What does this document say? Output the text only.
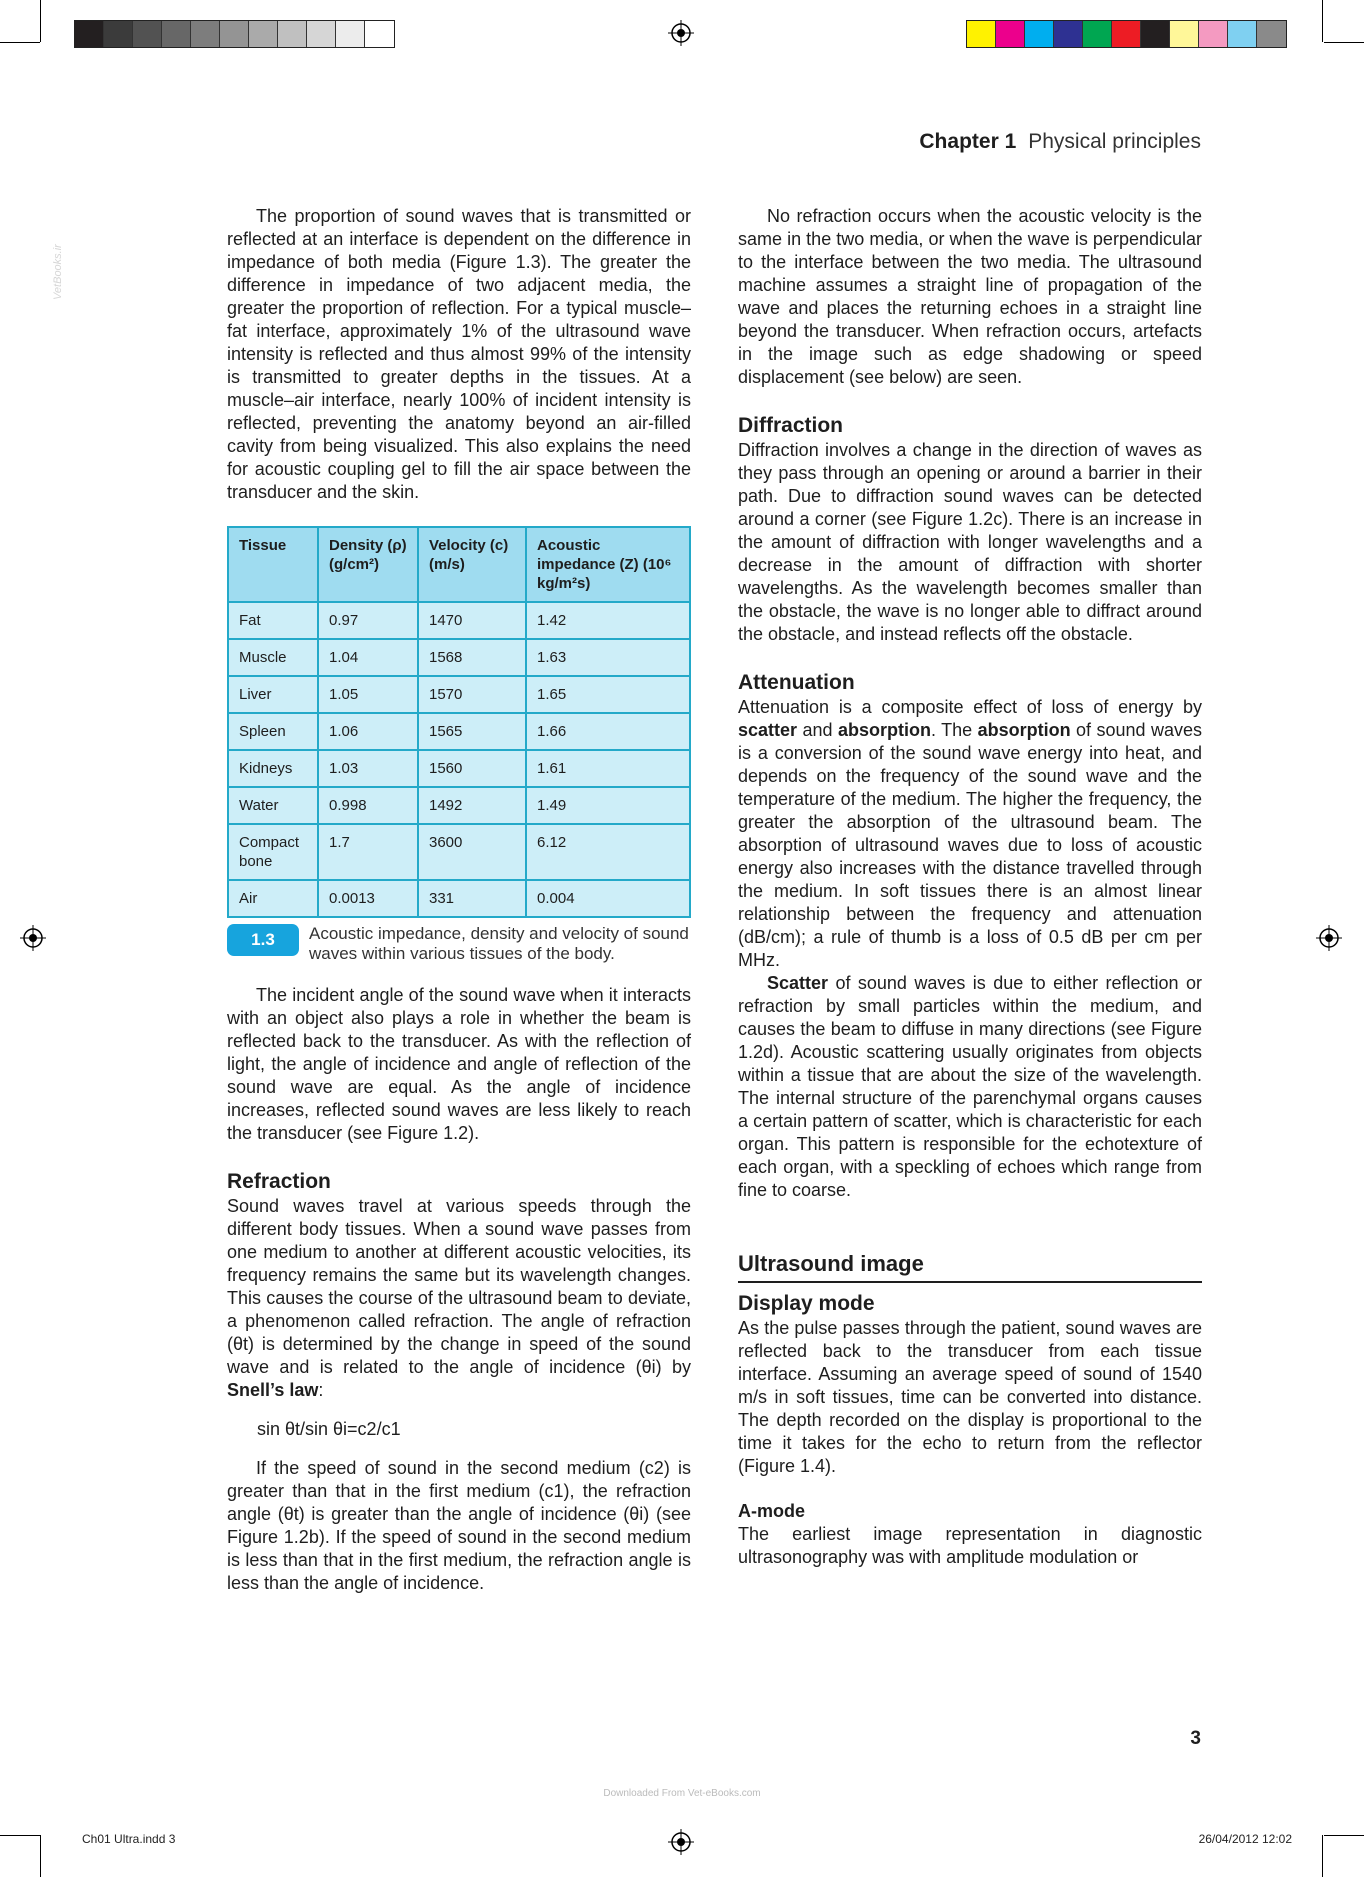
VetBooks.ir
Chapter 1 Physical principles

The proportion of sound waves that is transmitted or reflected at an interface is dependent on the difference in impedance of both media (Figure 1.3). The greater the difference in impedance of two adjacent media, the greater the proportion of reflection. For a typical muscle–fat interface, approximately 1% of the ultrasound wave intensity is reflected and thus almost 99% of the intensity is transmitted to greater depths in the tissues. At a muscle–air interface, nearly 100% of incident intensity is reflected, preventing the anatomy beyond an air-filled cavity from being visualized. This also explains the need for acoustic coupling gel to fill the air space between the transducer and the skin.

Tissue	Density (ρ) (g/cm²)	Velocity (c) (m/s)	Acoustic impedance (Z) (10⁶ kg/m²s)
Fat	0.97	1470	1.42
Muscle	1.04	1568	1.63
Liver	1.05	1570	1.65
Spleen	1.06	1565	1.66
Kidneys	1.03	1560	1.61
Water	0.998	1492	1.49
Compact bone	1.7	3600	6.12
Air	0.0013	331	0.004
1.3	Acoustic impedance, density and velocity of sound waves within various tissues of the body.

The incident angle of the sound wave when it interacts with an object also plays a role in whether the beam is reflected back to the transducer. As with the reflection of light, the angle of incidence and angle of reflection of the sound wave are equal. As the angle of incidence increases, reflected sound waves are less likely to reach the transducer (see Figure 1.2).

Refraction

Sound waves travel at various speeds through the different body tissues. When a sound wave passes from one medium to another at different acoustic velocities, its frequency remains the same but its wavelength changes. This causes the course of the ultrasound beam to deviate, a phenomenon called refraction. The angle of refraction (θt) is determined by the change in speed of the sound wave and is related to the angle of incidence (θi) by Snell’s law:

sin θt/sin θi=c2/c1

If the speed of sound in the second medium (c2) is greater than that in the first medium (c1), the refraction angle (θt) is greater than the angle of incidence (θi) (see Figure 1.2b). If the speed of sound in the second medium is less than that in the first medium, the refraction angle is less than the angle of incidence.

No refraction occurs when the acoustic velocity is the same in the two media, or when the wave is perpendicular to the interface between the two media. The ultrasound machine assumes a straight line of propagation of the wave and places the returning echoes in a straight line beyond the transducer. When refraction occurs, artefacts in the image such as edge shadowing or speed displacement (see below) are seen.

Diffraction

Diffraction involves a change in the direction of waves as they pass through an opening or around a barrier in their path. Due to diffraction sound waves can be detected around a corner (see Figure 1.2c). There is an increase in the amount of diffraction with longer wavelengths and a decrease in the amount of diffraction with shorter wavelengths. As the wavelength becomes smaller than the obstacle, the wave is no longer able to diffract around the obstacle, and instead reflects off the obstacle.

Attenuation

Attenuation is a composite effect of loss of energy by scatter and absorption. The absorption of sound waves is a conversion of the sound wave energy into heat, and depends on the frequency of the sound wave and the temperature of the medium. The higher the frequency, the greater the absorption of the ultrasound beam. The absorption of ultrasound waves due to loss of acoustic energy also increases with the distance travelled through the medium. In soft tissues there is an almost linear relationship between the frequency and attenuation (dB/cm); a rule of thumb is a loss of 0.5 dB per cm per MHz.

Scatter of sound waves is due to either reflection or refraction by small particles within the medium, and causes the beam to diffuse in many directions (see Figure 1.2d). Acoustic scattering usually originates from objects within a tissue that are about the size of the wavelength. The internal structure of the parenchymal organs causes a certain pattern of scatter, which is characteristic for each organ. This pattern is responsible for the echotexture of each organ, with a speckling of echoes which range from fine to coarse.

Ultrasound image
Display mode

As the pulse passes through the patient, sound waves are reflected back to the transducer from each tissue interface. Assuming an average speed of sound of 1540 m/s in soft tissues, time can be converted into distance. The depth recorded on the display is proportional to the time it takes for the echo to return from the reflector (Figure 1.4).

A-mode

The earliest image representation in diagnostic ultrasonography was with amplitude modulation or

3
Downloaded From Vet-eBooks.com
Ch01 Ultra.indd 3	26/04/2012 12:02
